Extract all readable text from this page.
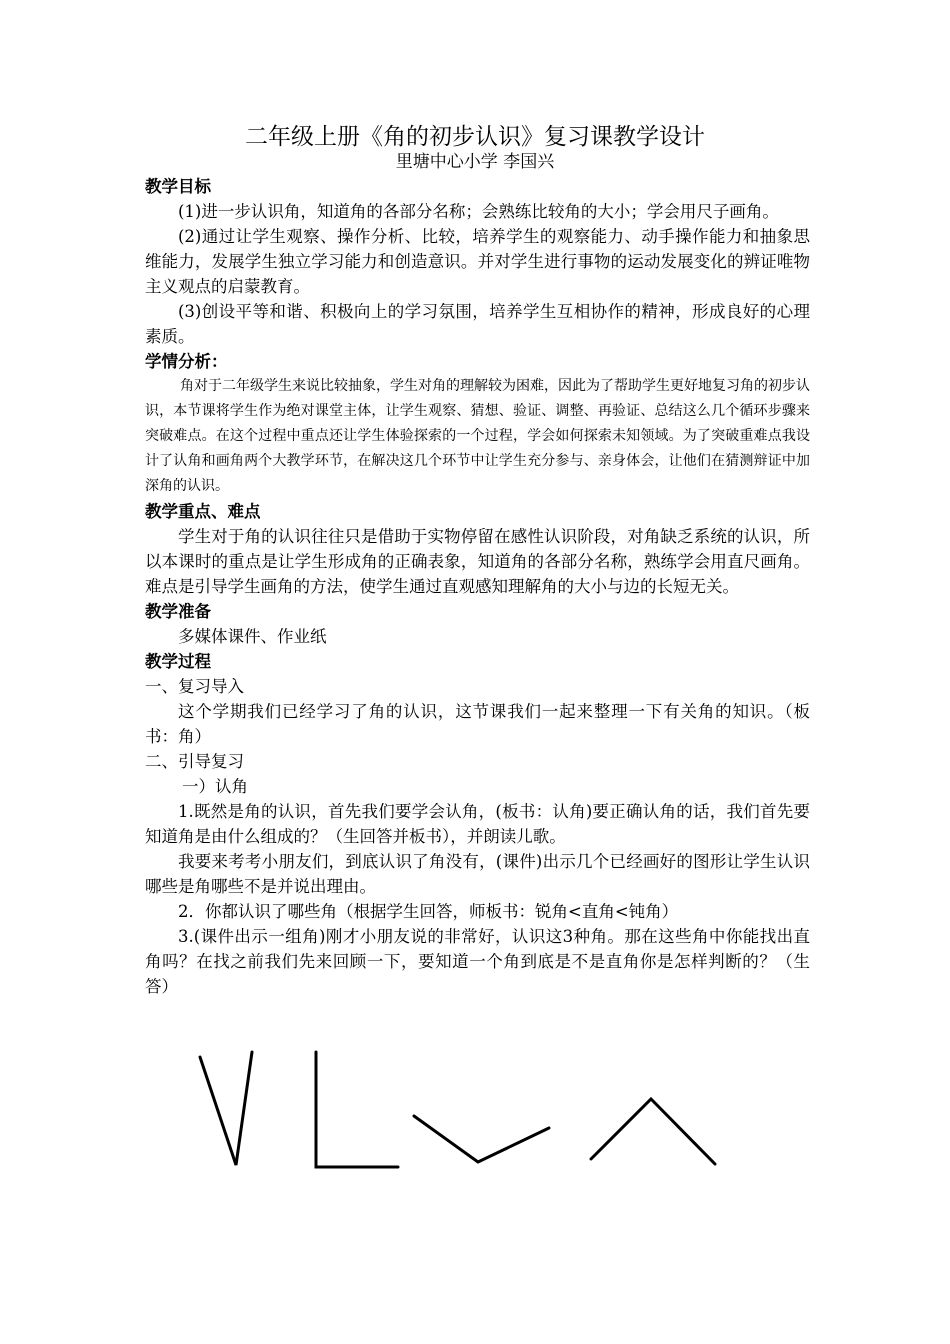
二年级上册《角的初步认识》复习课教学设计
里塘中心小学 李国兴

教学目标

(1)进一步认识角，知道角的各部分名称；会熟练比较角的大小；学会用尺子画角。

(2)通过让学生观察、操作分析、比较，培养学生的观察能力、动手操作能力和抽象思维能力，发展学生独立学习能力和创造意识。并对学生进行事物的运动发展变化的辨证唯物主义观点的启蒙教育。

(3)创设平等和谐、积极向上的学习氛围，培养学生互相协作的精神，形成良好的心理素质。

学情分析：

角对于二年级学生来说比较抽象，学生对角的理解较为困难，因此为了帮助学生更好地复习角的初步认识，本节课将学生作为绝对课堂主体，让学生观察、猜想、验证、调整、再验证、总结这么几个循环步骤来突破难点。在这个过程中重点还让学生体验探索的一个过程，学会如何探索未知领域。为了突破重难点我设计了认角和画角两个大教学环节，在解决这几个环节中让学生充分参与、亲身体会，让他们在猜测辩证中加深角的认识。

教学重点、难点

学生对于角的认识往往只是借助于实物停留在感性认识阶段，对角缺乏系统的认识，所以本课时的重点是让学生形成角的正确表象，知道角的各部分名称，熟练学会用直尺画角。难点是引导学生画角的方法，使学生通过直观感知理解角的大小与边的长短无关。

教学准备

多媒体课件、作业纸

教学过程

一、复习导入

这个学期我们已经学习了角的认识，这节课我们一起来整理一下有关角的知识。（板书：角）

二、引导复习

一）认角

1.既然是角的认识，首先我们要学会认角，(板书：认角)要正确认角的话，我们首先要知道角是由什么组成的？（生回答并板书），并朗读儿歌。

我要来考考小朋友们，到底认识了角没有，(课件)出示几个已经画好的图形让学生认识哪些是角哪些不是并说出理由。

2．你都认识了哪些角（根据学生回答，师板书：锐角<直角<钝角）

3.(课件出示一组角)刚才小朋友说的非常好，认识这3种角。那在这些角中你能找出直角吗？在找之前我们先来回顾一下，要知道一个角到底是不是直角你是怎样判断的？（生答）
